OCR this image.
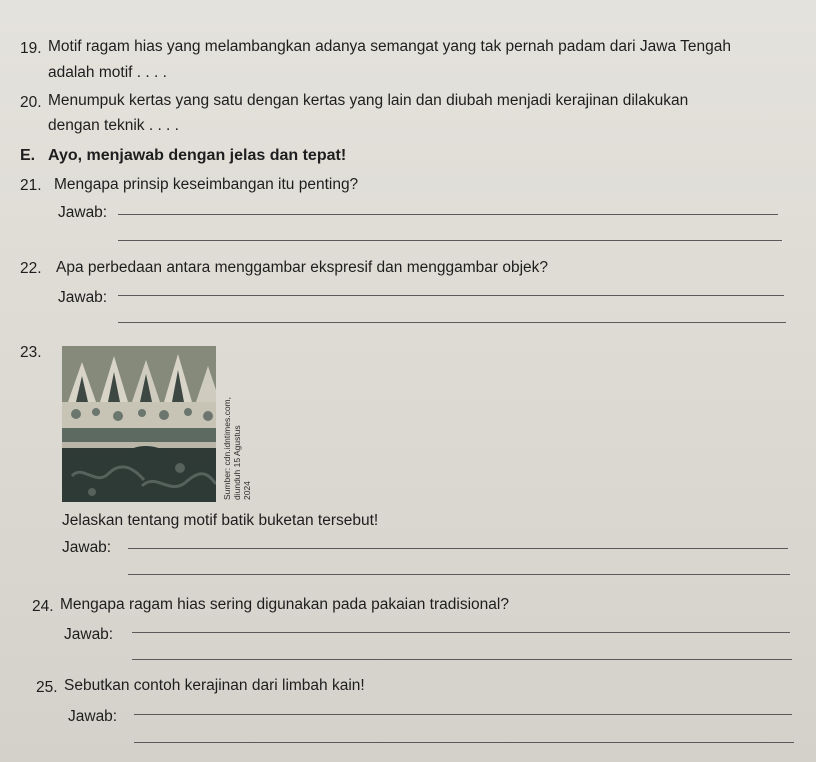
19. Motif ragam hias yang melambangkan adanya semangat yang tak pernah padam dari Jawa Tengah
adalah motif . . . .
20. Menumpuk kertas yang satu dengan kertas yang lain dan diubah menjadi kerajinan dilakukan
dengan teknik . . . .
E. Ayo, menjawab dengan jelas dan tepat!
21. Mengapa prinsip keseimbangan itu penting?
Jawab:
22. Apa perbedaan antara menggambar ekspresif dan menggambar objek?
Jawab:
23.
Sumber: cdn.idntimes.com, diunduh 15 Agustus 2024
Jelaskan tentang motif batik buketan tersebut!
Jawab:
24. Mengapa ragam hias sering digunakan pada pakaian tradisional?
Jawab:
25. Sebutkan contoh kerajinan dari limbah kain!
Jawab:
